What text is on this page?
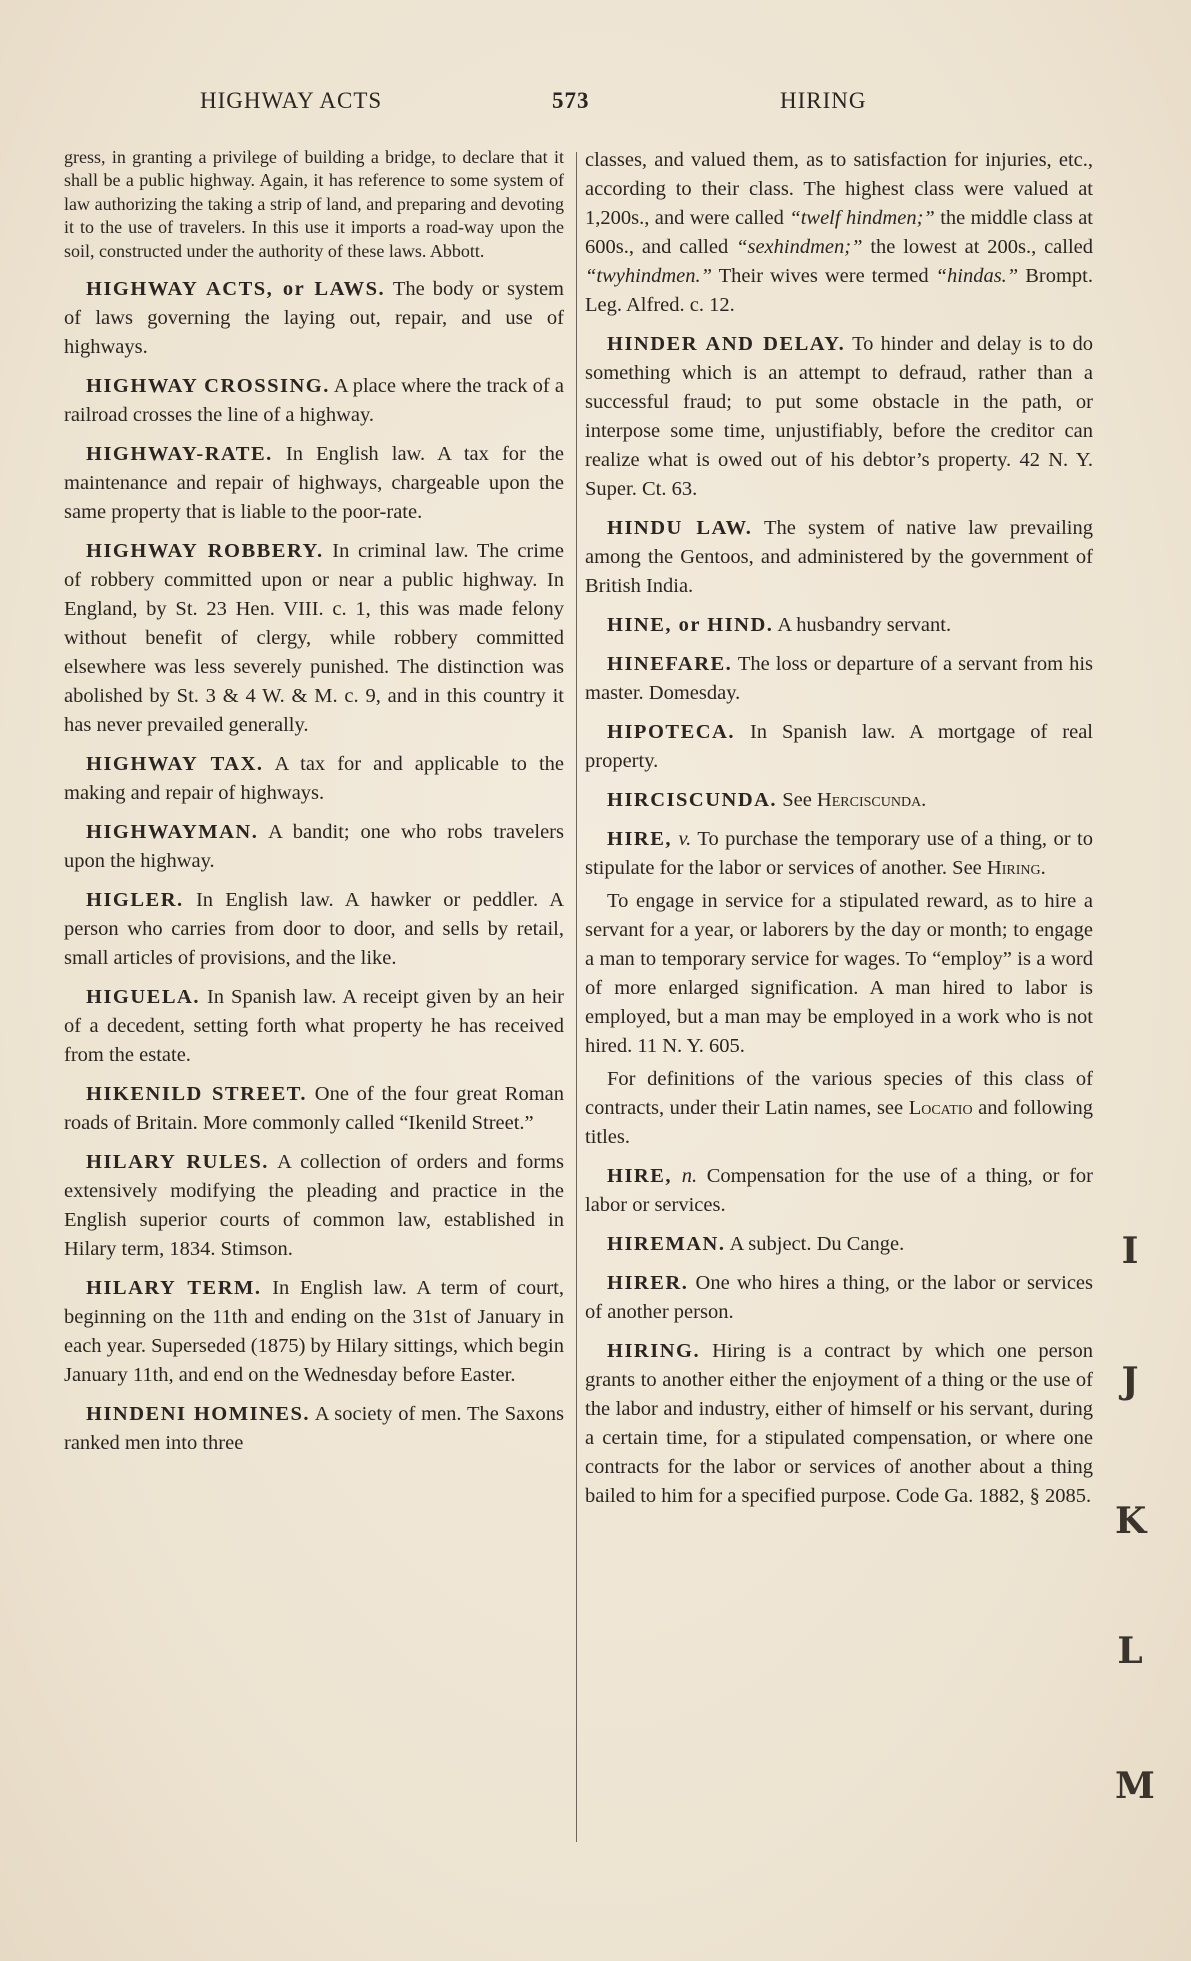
HIGHWAY ACTS	573	HIRING

gress, in granting a privilege of building a bridge, to declare that it shall be a public highway. Again, it has reference to some system of law authorizing the taking a strip of land, and preparing and devoting it to the use of travelers. In this use it imports a road-way upon the soil, constructed under the authority of these laws. Abbott.

HIGHWAY ACTS, or LAWS. The body or system of laws governing the laying out, repair, and use of highways.

HIGHWAY CROSSING. A place where the track of a railroad crosses the line of a highway.

HIGHWAY-RATE. In English law. A tax for the maintenance and repair of highways, chargeable upon the same property that is liable to the poor-rate.

HIGHWAY ROBBERY. In criminal law. The crime of robbery committed upon or near a public highway. In England, by St. 23 Hen. VIII. c. 1, this was made felony without benefit of clergy, while robbery committed elsewhere was less severely punished. The distinction was abolished by St. 3 & 4 W. & M. c. 9, and in this country it has never prevailed generally.

HIGHWAY TAX. A tax for and applicable to the making and repair of highways.

HIGHWAYMAN. A bandit; one who robs travelers upon the highway.

HIGLER. In English law. A hawker or peddler. A person who carries from door to door, and sells by retail, small articles of provisions, and the like.

HIGUELA. In Spanish law. A receipt given by an heir of a decedent, setting forth what property he has received from the estate.

HIKENILD STREET. One of the four great Roman roads of Britain. More commonly called “Ikenild Street.”

HILARY RULES. A collection of orders and forms extensively modifying the pleading and practice in the English superior courts of common law, established in Hilary term, 1834. Stimson.

HILARY TERM. In English law. A term of court, beginning on the 11th and ending on the 31st of January in each year. Superseded (1875) by Hilary sittings, which begin January 11th, and end on the Wednesday before Easter.

HINDENI HOMINES. A society of men. The Saxons ranked men into three

classes, and valued them, as to satisfaction for injuries, etc., according to their class. The highest class were valued at 1,200s., and were called “twelf hindmen;” the middle class at 600s., and called “sexhindmen;” the lowest at 200s., called “twyhindmen.” Their wives were termed “hindas.” Brompt. Leg. Alfred. c. 12.

HINDER AND DELAY. To hinder and delay is to do something which is an attempt to defraud, rather than a successful fraud; to put some obstacle in the path, or interpose some time, unjustifiably, before the creditor can realize what is owed out of his debtor’s property. 42 N. Y. Super. Ct. 63.

HINDU LAW. The system of native law prevailing among the Gentoos, and administered by the government of British India.

HINE, or HIND. A husbandry servant.

HINEFARE. The loss or departure of a servant from his master. Domesday.

HIPOTECA. In Spanish law. A mortgage of real property.

HIRCISCUNDA. See Herciscunda.

HIRE, v. To purchase the temporary use of a thing, or to stipulate for the labor or services of another. See Hiring.

To engage in service for a stipulated reward, as to hire a servant for a year, or laborers by the day or month; to engage a man to temporary service for wages. To “employ” is a word of more enlarged signification. A man hired to labor is employed, but a man may be employed in a work who is not hired. 11 N. Y. 605.

For definitions of the various species of this class of contracts, under their Latin names, see Locatio and following titles.

HIRE, n. Compensation for the use of a thing, or for labor or services.

HIREMAN. A subject. Du Cange.

HIRER. One who hires a thing, or the labor or services of another person.

HIRING. Hiring is a contract by which one person grants to another either the enjoyment of a thing or the use of the labor and industry, either of himself or his servant, during a certain time, for a stipulated compensation, or where one contracts for the labor or services of another about a thing bailed to him for a specified purpose. Code Ga. 1882, § 2085.

I
J
K
L
M
